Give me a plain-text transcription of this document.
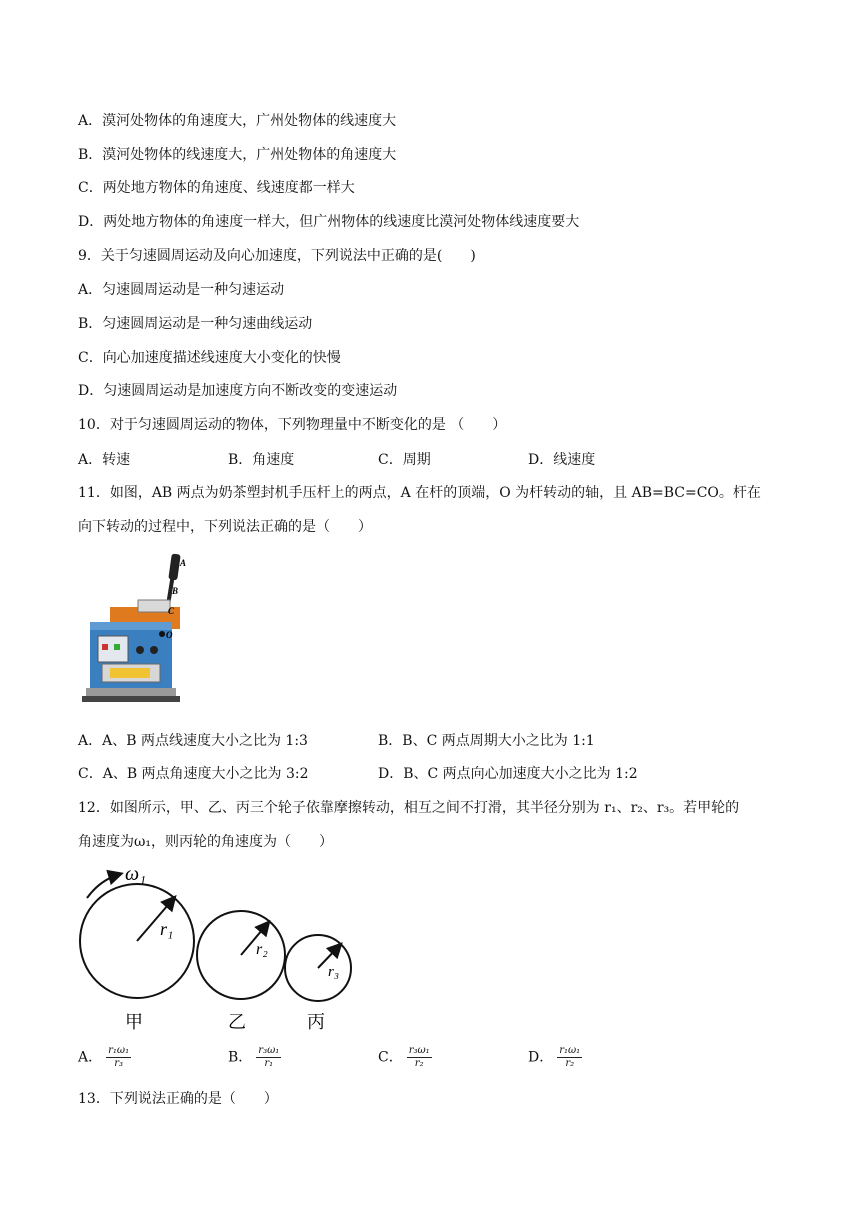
A．漠河处物体的角速度大，广州处物体的线速度大
B．漠河处物体的线速度大，广州处物体的角速度大
C．两处地方物体的角速度、线速度都一样大
D．两处地方物体的角速度一样大，但广州物体的线速度比漠河处物体线速度要大
9．关于匀速圆周运动及向心加速度，下列说法中正确的是(　　)
A．匀速圆周运动是一种匀速运动
B．匀速圆周运动是一种匀速曲线运动
C．向心加速度描述线速度大小变化的快慢
D．匀速圆周运动是加速度方向不断改变的变速运动
10．对于匀速圆周运动的物体，下列物理量中不断变化的是 （　　）
A．转速	B．角速度	C．周期	D．线速度
11．如图，AB 两点为奶茶塑封机手压杆上的两点，A 在杆的顶端，O 为杆转动的轴，且 AB=BC=CO。杆在
向下转动的过程中，下列说法正确的是（　　）
A
B
C
O
A．A、B 两点线速度大小之比为 1:3	B．B、C 两点周期大小之比为 1:1
C．A、B 两点角速度大小之比为 3:2	D．B、C 两点向心加速度大小之比为 1:2
12．如图所示，甲、乙、丙三个轮子依靠摩擦转动，相互之间不打滑，其半径分别为 r₁、r₂、r₃。若甲轮的
角速度为ω₁，则丙轮的角速度为（　　）
ω₁
r₁
r₂
r₃
甲	乙	丙
A． $\frac{\text{r₁ω₁}}{\text{r₃}}$	B． $\frac{\text{r₃ω₁}}{\text{r₁}}$	C． $\frac{\text{r₃ω₁}}{\text{r₂}}$	D． $\frac{\text{r₁ω₁}}{\text{r₂}}$
13．下列说法正确的是（　　）
